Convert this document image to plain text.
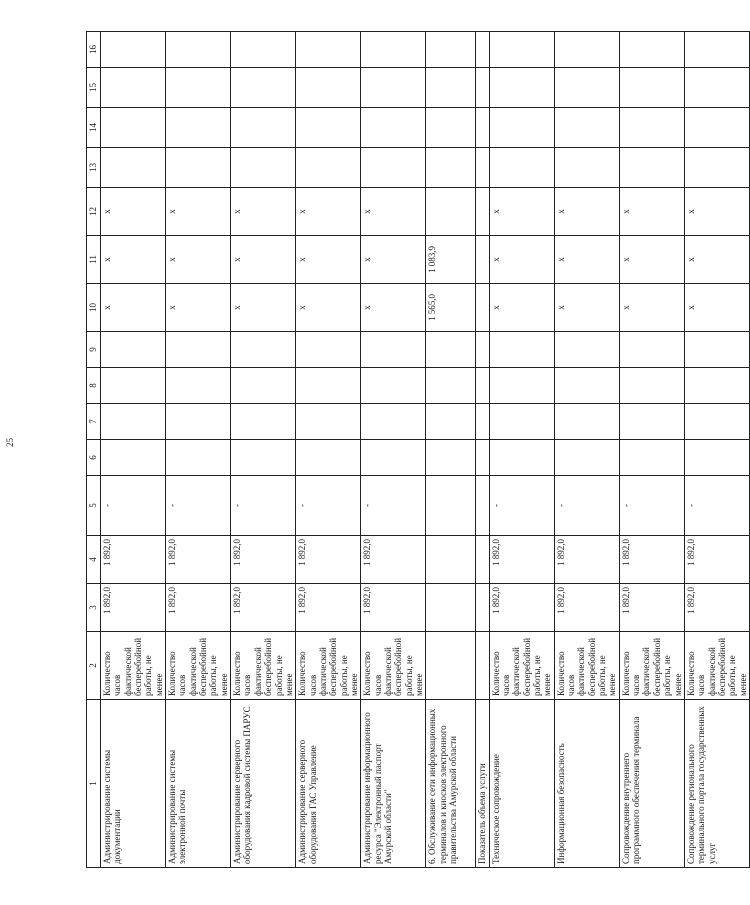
25
1	2	3	4	5	6	7	8	9	10	11	12	13	14	15	16
Администрирование системы документации	Количество часов фактической бесперебойной работы, не менее	1 892,0	1 892,0	-					x	x	x				
Администрирование системы электронной почты	Количество часов фактической бесперебойной работы, не менее	1 892,0	1 892,0	-					x	x	x				
Администрирование серверного оборудования кадровой системы ПАРУС	Количество часов фактической бесперебойной работы, не менее	1 892,0	1 892,0	-					x	x	x				
Администрирование серверного оборудования ГАС Управление	Количество часов фактической бесперебойной работы, не менее	1 892,0	1 892,0	-					x	x	x				
Администрирование информационного ресурса "Электронный паспорт Амурской области"	Количество часов фактической бесперебойной работы, не менее	1 892,0	1 892,0	-					x	x	x				
6. Обслуживание сети информационных терминалов и киосков электронного правительства Амурской области									1 565,0	1 083,9					
Показатель объема услуги															
Техническое сопровождение	Количество часов фактической бесперебойной работы, не менее	1 892,0	1 892,0	-					x	x	x				
Информационная безопасность	Количество часов фактической бесперебойной работы, не менее	1 892,0	1 892,0	-					x	x	x				
Сопровождение внутреннего программного обеспечения терминала	Количество часов фактической бесперебойной работы, не менее	1 892,0	1 892,0	-					x	x	x				
Сопровождение регионального терминального портала государственных услуг	Количество часов фактической бесперебойной работы, не менее	1 892,0	1 892,0	-					x	x	x				
